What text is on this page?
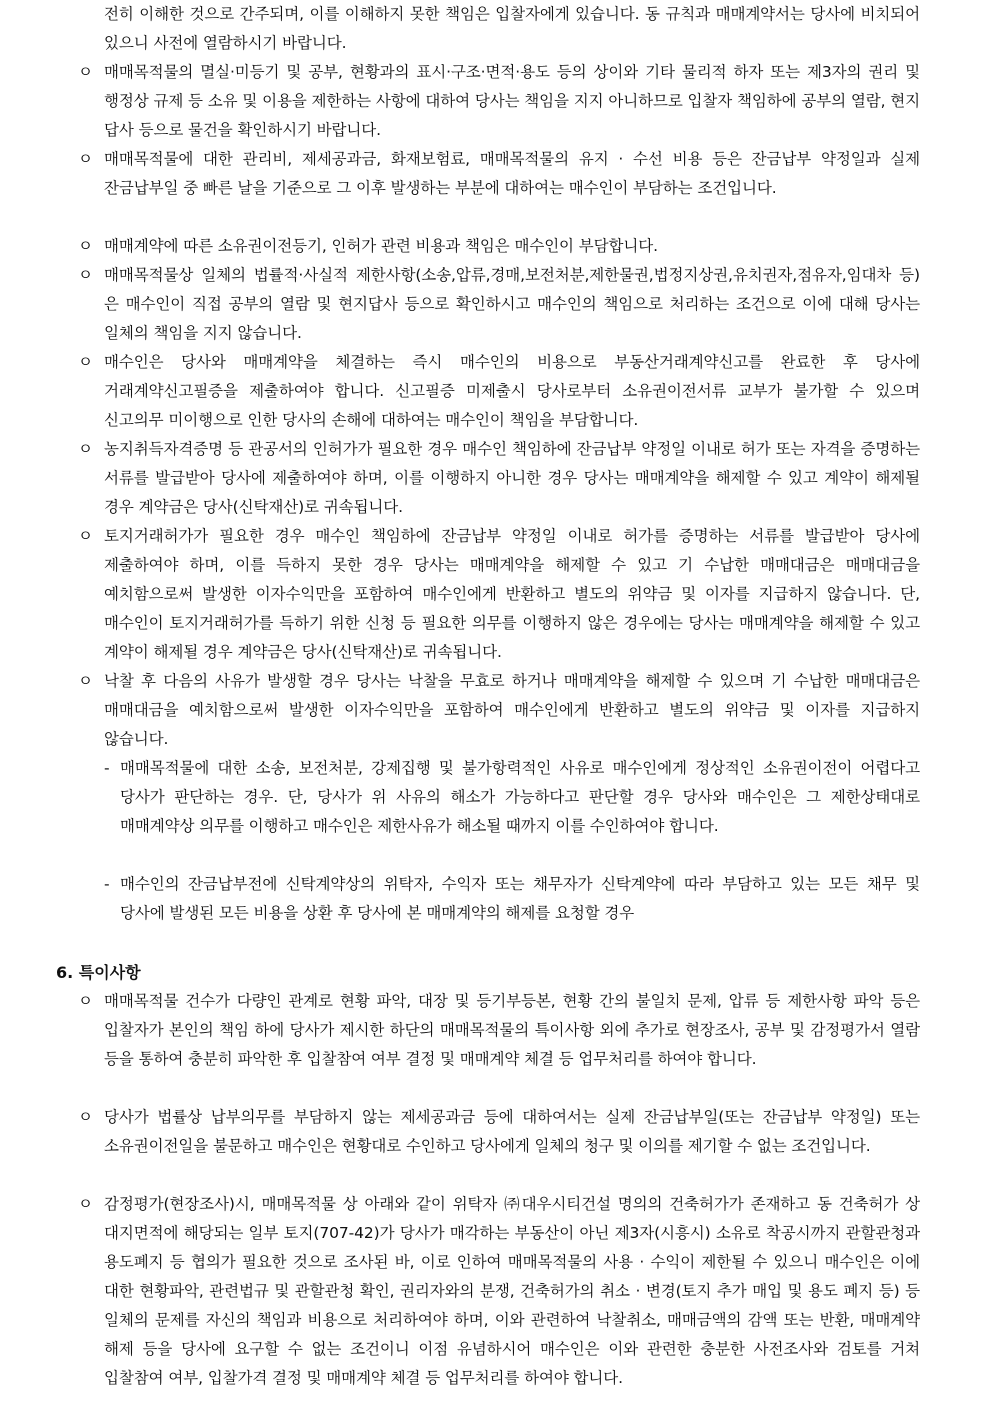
전히 이해한 것으로 간주되며, 이를 이해하지 못한 책임은 입찰자에게 있습니다. 동 규칙과 매매계약서는 당사에 비치되어 있으니 사전에 열람하시기 바랍니다.
ㅇ 매매목적물의 멸실·미등기 및 공부, 현황과의 표시·구조·면적·용도 등의 상이와 기타 물리적 하자 또는 제3자의 권리 및 행정상 규제 등 소유 및 이용을 제한하는 사항에 대하여 당사는 책임을 지지 아니하므로 입찰자 책임하에 공부의 열람, 현지 답사 등으로 물건을 확인하시기 바랍니다.
ㅇ 매매목적물에 대한 관리비, 제세공과금, 화재보험료, 매매목적물의 유지 · 수선 비용 등은 잔금납부 약정일과 실제 잔금납부일 중 빠른 날을 기준으로 그 이후 발생하는 부분에 대하여는 매수인이 부담하는 조건입니다.
ㅇ 매매계약에 따른 소유권이전등기, 인허가 관련 비용과 책임은 매수인이 부담합니다.
ㅇ 매매목적물상 일체의 법률적·사실적 제한사항(소송,압류,경매,보전처분,제한물권,법정지상권,유치권자,점유자,임대차 등)은 매수인이 직접 공부의 열람 및 현지답사 등으로 확인하시고 매수인의 책임으로 처리하는 조건으로 이에 대해 당사는 일체의 책임을 지지 않습니다.
ㅇ 매수인은 당사와 매매계약을 체결하는 즉시 매수인의 비용으로 부동산거래계약신고를 완료한 후 당사에 거래계약신고필증을 제출하여야 합니다. 신고필증 미제출시 당사로부터 소유권이전서류 교부가 불가할 수 있으며 신고의무 미이행으로 인한 당사의 손해에 대하여는 매수인이 책임을 부담합니다.
ㅇ 농지취득자격증명 등 관공서의 인허가가 필요한 경우 매수인 책임하에 잔금납부 약정일 이내로 허가 또는 자격을 증명하는 서류를 발급받아 당사에 제출하여야 하며, 이를 이행하지 아니한 경우 당사는 매매계약을 해제할 수 있고 계약이 해제될 경우 계약금은 당사(신탁재산)로 귀속됩니다.
ㅇ 토지거래허가가 필요한 경우 매수인 책임하에 잔금납부 약정일 이내로 허가를 증명하는 서류를 발급받아 당사에 제출하여야 하며, 이를 득하지 못한 경우 당사는 매매계약을 해제할 수 있고 기 수납한 매매대금은 매매대금을 예치함으로써 발생한 이자수익만을 포함하여 매수인에게 반환하고 별도의 위약금 및 이자를 지급하지 않습니다. 단, 매수인이 토지거래허가를 득하기 위한 신청 등 필요한 의무를 이행하지 않은 경우에는 당사는 매매계약을 해제할 수 있고 계약이 해제될 경우 계약금은 당사(신탁재산)로 귀속됩니다.
ㅇ 낙찰 후 다음의 사유가 발생할 경우 당사는 낙찰을 무효로 하거나 매매계약을 해제할 수 있으며 기 수납한 매매대금은 매매대금을 예치함으로써 발생한 이자수익만을 포함하여 매수인에게 반환하고 별도의 위약금 및 이자를 지급하지 않습니다.
- 매매목적물에 대한 소송, 보전처분, 강제집행 및 불가항력적인 사유로 매수인에게 정상적인 소유권이전이 어렵다고 당사가 판단하는 경우. 단, 당사가 위 사유의 해소가 가능하다고 판단할 경우 당사와 매수인은 그 제한상태대로 매매계약상 의무를 이행하고 매수인은 제한사유가 해소될 때까지 이를 수인하여야 합니다.
- 매수인의 잔금납부전에 신탁계약상의 위탁자, 수익자 또는 채무자가 신탁계약에 따라 부담하고 있는 모든 채무 및 당사에 발생된 모든 비용을 상환 후 당사에 본 매매계약의 해제를 요청할 경우
6. 특이사항
ㅇ 매매목적물 건수가 다량인 관계로 현황 파악, 대장 및 등기부등본, 현황 간의 불일치 문제, 압류 등 제한사항 파악 등은 입찰자가 본인의 책임 하에 당사가 제시한 하단의 매매목적물의 특이사항 외에 추가로 현장조사, 공부 및 감정평가서 열람 등을 통하여 충분히 파악한 후 입찰참여 여부 결정 및 매매계약 체결 등 업무처리를 하여야 합니다.
ㅇ 당사가 법률상 납부의무를 부담하지 않는 제세공과금 등에 대하여서는 실제 잔금납부일(또는 잔금납부 약정일) 또는 소유권이전일을 불문하고 매수인은 현황대로 수인하고 당사에게 일체의 청구 및 이의를 제기할 수 없는 조건입니다.
ㅇ 감정평가(현장조사)시, 매매목적물 상 아래와 같이 위탁자 ㈜대우시티건설 명의의 건축허가가 존재하고 동 건축허가 상 대지면적에 해당되는 일부 토지(707-42)가 당사가 매각하는 부동산이 아닌 제3자(시흥시) 소유로 착공시까지 관할관청과 용도폐지 등 협의가 필요한 것으로 조사된 바, 이로 인하여 매매목적물의 사용 · 수익이 제한될 수 있으니 매수인은 이에 대한 현황파악, 관련법규 및 관할관청 확인, 권리자와의 분쟁, 건축허가의 취소 · 변경(토지 추가 매입 및 용도 폐지 등) 등 일체의 문제를 자신의 책임과 비용으로 처리하여야 하며, 이와 관련하여 낙찰취소, 매매금액의 감액 또는 반환, 매매계약 해제 등을 당사에 요구할 수 없는 조건이니 이점 유념하시어 매수인은 이와 관련한 충분한 사전조사와 검토를 거쳐 입찰참여 여부, 입찰가격 결정 및 매매계약 체결 등 업무처리를 하여야 합니다.
